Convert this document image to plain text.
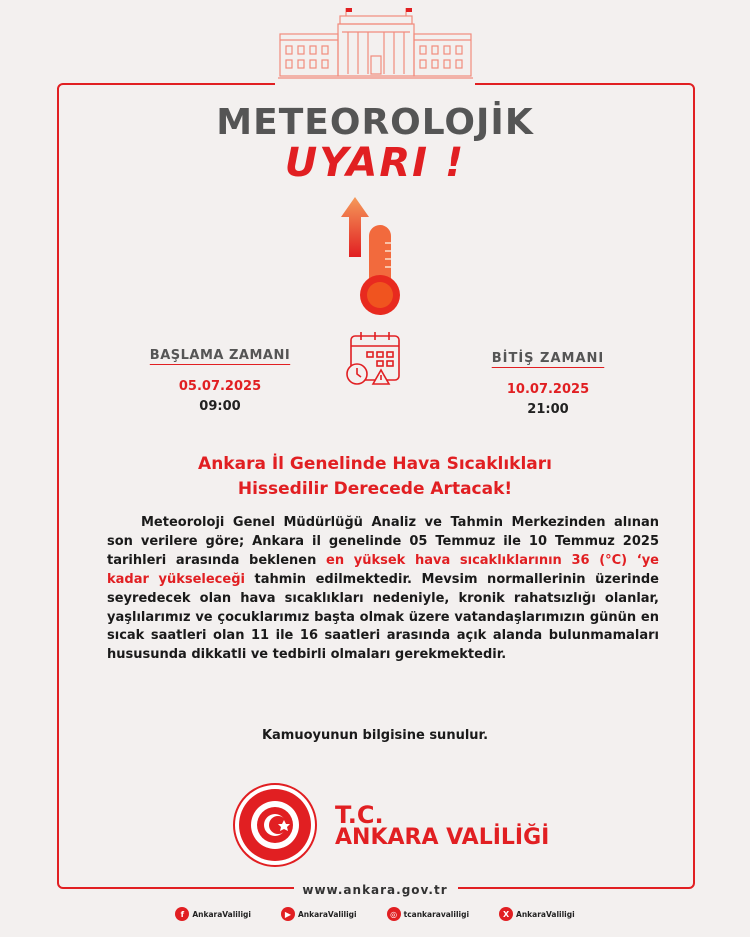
METEOROLOJİK
UYARI !
BAŞLAMA ZAMANI
05.07.2025
09:00
BİTİŞ ZAMANI
10.07.2025
21:00
Ankara İl Genelinde Hava Sıcaklıkları
Hissedilir Derecede Artacak!
Meteoroloji Genel Müdürlüğü Analiz ve Tahmin Merkezinden alınan son verilere göre; Ankara il genelinde 05 Temmuz ile 10 Temmuz 2025 tarihleri arasında beklenen en yüksek hava sıcaklıklarının 36 (°C) ‘ye kadar yükseleceği tahmin edilmektedir. Mevsim normallerinin üzerinde seyredecek olan hava sıcaklıkları nedeniyle, kronik rahatsızlığı olanlar, yaşlılarımız ve çocuklarımız başta olmak üzere vatandaşlarımızın günün en sıcak saatleri olan 11 ile 16 saatleri arasında açık alanda bulunmamaları hususunda dikkatli ve tedbirli olmaları gerekmektedir.
Kamuoyunun bilgisine sunulur.
T.C.
ANKARA VALİLİĞİ
www.ankara.gov.tr
f	AnkaraValiligi	▶ AnkaraValiligi	◎ tcankaravaliligi	X AnkaraValiligi
